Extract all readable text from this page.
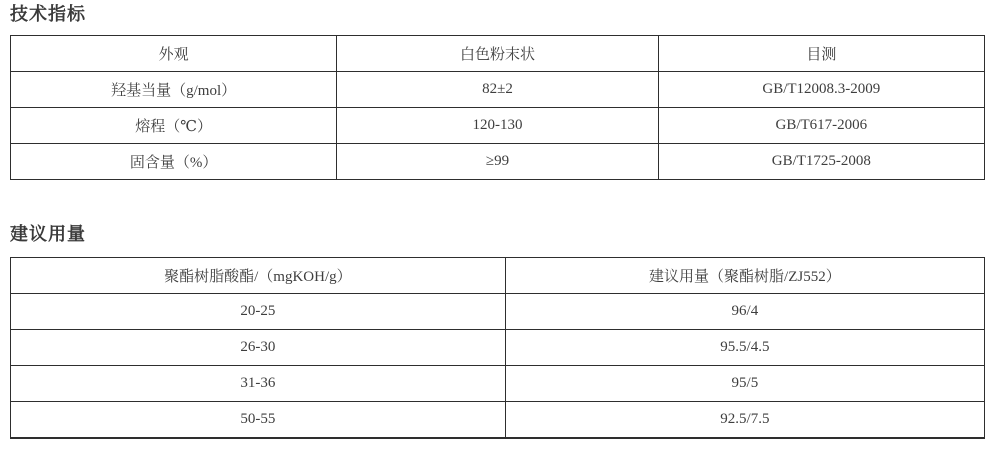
技术指标
外观	白色粉末状	目测
羟基当量（g/mol）	82±2	GB/T12008.3-2009
熔程（℃）	120-130	GB/T617-2006
固含量（%）	≥99	GB/T1725-2008
建议用量
聚酯树脂酸酯/（mgKOH/g）	建议用量（聚酯树脂/ZJ552）
20-25	96/4
26-30	95.5/4.5
31-36	95/5
50-55	92.5/7.5
